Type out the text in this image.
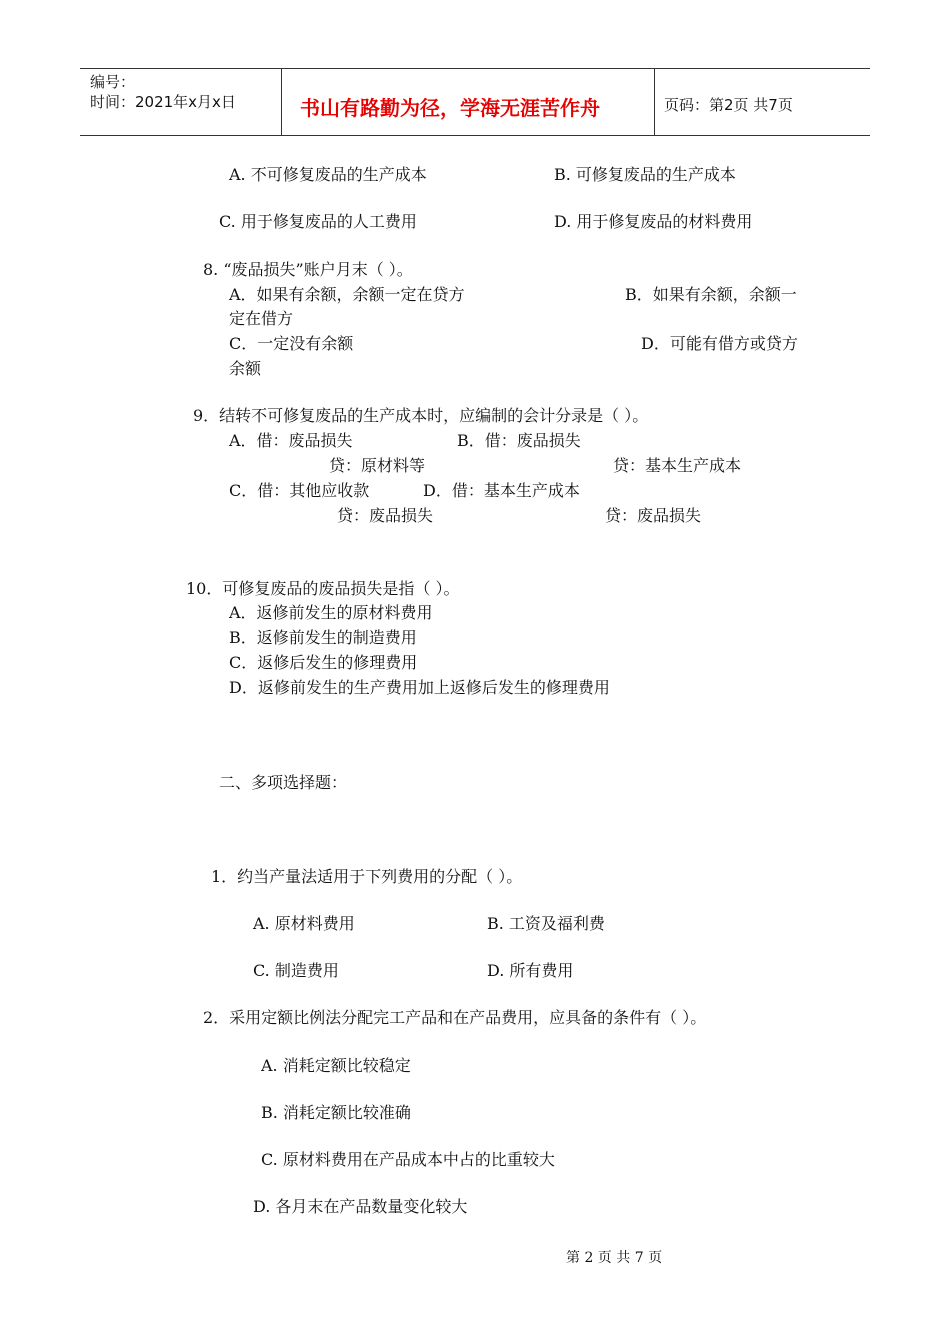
编号：
时间：2021年x月x日	书山有路勤为径，学海无涯苦作舟	页码：第2页 共7页
A. 不可修复废品的生产成本	B. 可修复废品的生产成本
C. 用于修复废品的人工费用	D. 用于修复废品的材料费用
8. “废品损失”账户月末（ ）。
A．如果有余额，余额一定在贷方	B．如果有余额，余额一
定在借方
C．一定没有余额	D．可能有借方或贷方
余额
9．结转不可修复废品的生产成本时，应编制的会计分录是（ ）。
A．借：废品损失	B．借：废品损失
贷：原材料等	贷：基本生产成本
C．借：其他应收款	D．借：基本生产成本
贷：废品损失	贷：废品损失
10．可修复废品的废品损失是指（ ）。
A．返修前发生的原材料费用
B．返修前发生的制造费用
C．返修后发生的修理费用
D．返修前发生的生产费用加上返修后发生的修理费用
二、多项选择题：
1．约当产量法适用于下列费用的分配（ ）。
A. 原材料费用	B. 工资及福利费
C. 制造费用	D. 所有费用
2．采用定额比例法分配完工产品和在产品费用，应具备的条件有（ ）。
A. 消耗定额比较稳定
B. 消耗定额比较准确
C. 原材料费用在产品成本中占的比重较大
D. 各月末在产品数量变化较大
第 2 页 共 7 页
